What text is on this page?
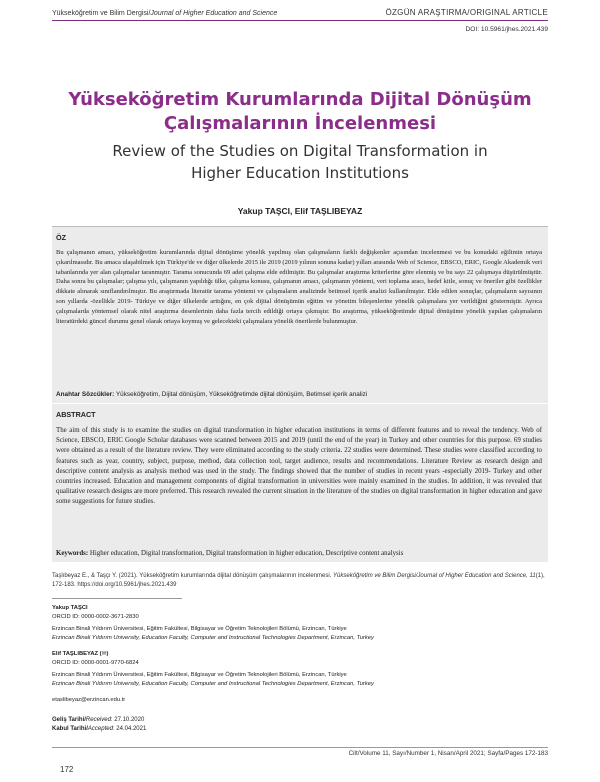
Yükseköğretim ve Bilim Dergisi/Journal of Higher Education and Science	ÖZGÜN ARAŞTIRMA/ORIGINAL ARTICLE
DOI: 10.5961/jhes.2021.439
Yükseköğretim Kurumlarında Dijital Dönüşüm
Çalışmalarının İncelenmesi
Review of the Studies on Digital Transformation in
Higher Education Institutions
Yakup TAŞCI, Elif TAŞLIBEYAZ
ÖZ
Bu çalışmanın amacı, yükseköğretim kurumlarında dijital dönüşüme yönelik yapılmış olan çalışmaların farklı değişkenler açısından incelenmesi ve bu konudaki eğilimin ortaya çıkarılmasıdır. Bu amaca ulaşabilmek için Türkiye'de ve diğer ülkelerde 2015 ile 2019 (2019 yılının sonuna kadar) yılları arasında Web of Science, EBSCO, ERIC, Google Akademik veri tabanlarında yer alan çalışmalar taranmıştır. Tarama sonucunda 69 adet çalışma elde edilmiştir. Bu çalışmalar araştırma kriterlerine göre elenmiş ve bu sayı 22 çalışmaya düşürülmüştür. Daha sonra bu çalışmalar; çalışma yılı, çalışmanın yapıldığı ülke, çalışma konusu, çalışmanın amacı, çalışmanın yöntemi, veri toplama aracı, hedef kitle, sonuç ve öneriler gibi özellikler dikkate alınarak sınıflandırılmıştır. Bu araştırmada literatür tarama yöntemi ve çalışmaların analizinde betimsel içerik analizi kullanılmıştır. Elde edilen sonuçlar, çalışmaların sayısının son yıllarda -özellikle 2019- Türkiye ve diğer ülkelerde arttığını, en çok dijital dönüşümün eğitim ve yönetim bileşenlerine yönelik çalışmalara yer verildiğini göstermiştir. Ayrıca çalışmalarda yöntemsel olarak nitel araştırma desenlerinin daha fazla tercih edildiği ortaya çıkmıştır. Bu araştırma, yükseköğretimde dijital dönüşüme yönelik yapılan çalışmaların literatürdeki güncel durumu genel olarak ortaya koymuş ve gelecekteki çalışmalara yönelik önerilerde bulunmuştur.
Anahtar Sözcükler: Yükseköğretim, Dijital dönüşüm, Yükseköğretimde dijital dönüşüm, Betimsel içerik analizi
ABSTRACT
The aim of this study is to examine the studies on digital transformation in higher education institutions in terms of different features and to reveal the tendency. Web of Science, EBSCO, ERIC Google Scholar databases were scanned between 2015 and 2019 (until the end of the year) in Turkey and other countries for this purpose. 69 studies were obtained as a result of the literature review. They were eliminated according to the study criteria. 22 studies were determined. These studies were classified according to features such as year, country, subject, purpose, method, data collection tool, target audience, results and recommendations. Literature Review as research design and descriptive content analysis as analysis method was used in the study. The findings showed that the number of studies in recent years -especially 2019- Turkey and other countries increased. Education and management components of digital transformation in universities were mainly examined in the studies. In addition, it was revealed that qualitative research designs are more preferred. This research revealed the current situation in the literature of the studies on digital transformation in higher education and gave some suggestions for future studies.
Keywords: Higher education, Digital transformation, Digital transformation in higher education, Descriptive content analysis
Taşlıbeyaz E., & Taşçı Y. (2021). Yükseköğretim kurumlarında dijital dönüşüm çalışmalarının incelenmesi. Yükseköğretim ve Bilim Dergisi/Journal of Higher Education and Science, 11(1), 172-183. https://doi.org/10.5961/jhes.2021.439
Yakup TAŞCI
ORCID ID: 0000-0002-3671-2830
Erzincan Binali Yıldırım Üniversitesi, Eğitim Fakültesi, Bilgisayar ve Öğretim Teknolojileri Bölümü, Erzincan, Türkiye
Erzincan Binali Yıldırım University, Education Faculty, Computer and Instructional Technologies Department, Erzincan, Turkey
Elif TAŞLIBEYAZ (✉)
ORCID ID: 0000-0001-9770-6824
Erzincan Binali Yıldırım Üniversitesi, Eğitim Fakültesi, Bilgisayar ve Öğretim Teknolojileri Bölümü, Erzincan, Türkiye
Erzincan Binali Yıldırım University, Education Faculty, Computer and Instructional Technologies Department, Erzincan, Turkey
etaslibeyaz@erzincan.edu.tr
Geliş Tarihi/Received: 27.10.2020
Kabul Tarihi/Accepted: 24.04.2021
172
Cilt/Volume 11, Sayı/Number 1, Nisan/April 2021; Sayfa/Pages 172-183
